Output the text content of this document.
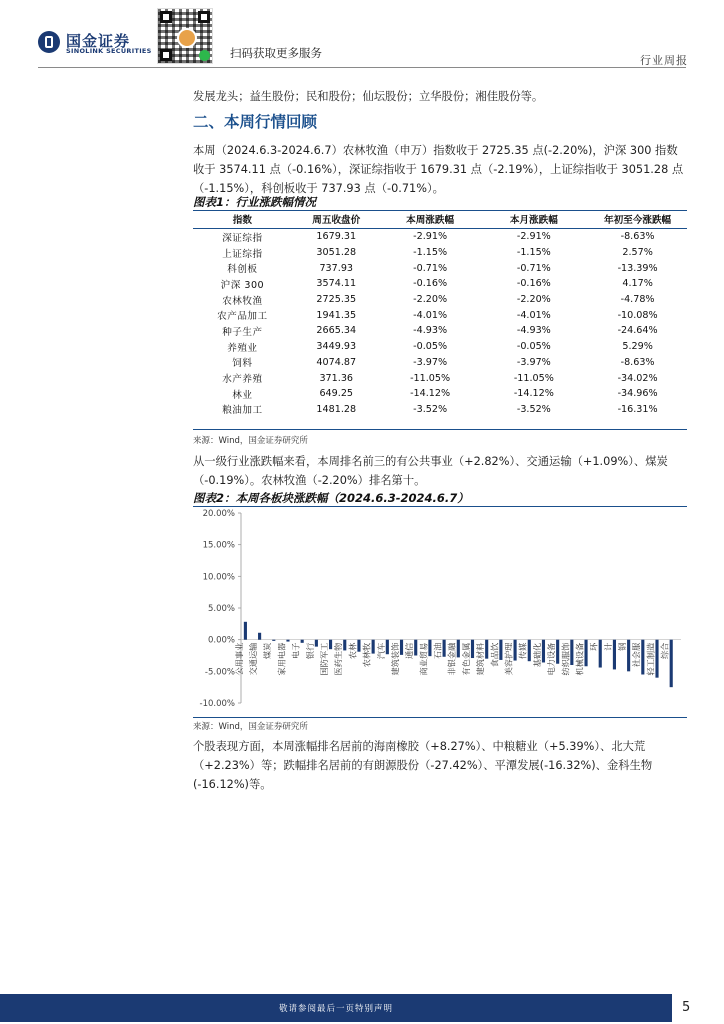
国金证券
SINOLINK SECURITIES	扫码获取更多服务
行业周报
发展龙头；益生股份；民和股份；仙坛股份；立华股份；湘佳股份等。
二、本周行情回顾
本周（2024.6.3-2024.6.7）农林牧渔（申万）指数收于 2725.35 点(-2.20%)，沪深 300 指数收于 3574.11 点（-0.16%），深证综指收于 1679.31 点（-2.19%），上证综指收于 3051.28 点（-1.15%），科创板收于 737.93 点（-0.71%）。
图表1：行业涨跌幅情况
指数	周五收盘价	本周涨跌幅	本月涨跌幅	年初至今涨跌幅
深证综指	1679.31	-2.91%	-2.91%	-8.63%
上证综指	3051.28	-1.15%	-1.15%	2.57%
科创板	737.93	-0.71%	-0.71%	-13.39%
沪深 300	3574.11	-0.16%	-0.16%	4.17%
农林牧渔	2725.35	-2.20%	-2.20%	-4.78%
农产品加工	1941.35	-4.01%	-4.01%	-10.08%
种子生产	2665.34	-4.93%	-4.93%	-24.64%
养殖业	3449.93	-0.05%	-0.05%	5.29%
饲料	4074.87	-3.97%	-3.97%	-8.63%
水产养殖	371.36	-11.05%	-11.05%	-34.02%
林业	649.25	-14.12%	-14.12%	-34.96%
粮油加工	1481.28	-3.52%	-3.52%	-16.31%
来源：Wind，国金证券研究所
从一级行业涨跌幅来看，本周排名前三的有公共事业（+2.82%）、交通运输（+1.09%）、煤炭（-0.19%）。农林牧渔（-2.20%）排名第十。
图表2：本周各板块涨跌幅（2024.6.3-2024.6.7）
20.00%
15.00%
10.00%
5.00%
0.00%
-5.00%
-10.00%
公用事业 交通运输 煤炭 家用电器 电子 银行 国防军工 医药生物 农林 农林牧 汽车 建筑装饰 通信 商业贸易 石油 非银金融 有色金属 建筑材料 食品饮 美容护理 传媒 基础化 电力设备 纺织服饰 机械设备 环 计 钢 社会服 轻工制造 综合
来源：Wind，国金证券研究所
个股表现方面，本周涨幅排名居前的海南橡胶（+8.27%）、中粮糖业（+5.39%）、北大荒（+2.23%）等；跌幅排名居前的有朗源股份（-27.42%）、平潭发展(-16.32%)、金科生物(-16.12%)等。
敬请参阅最后一页特别声明	5
